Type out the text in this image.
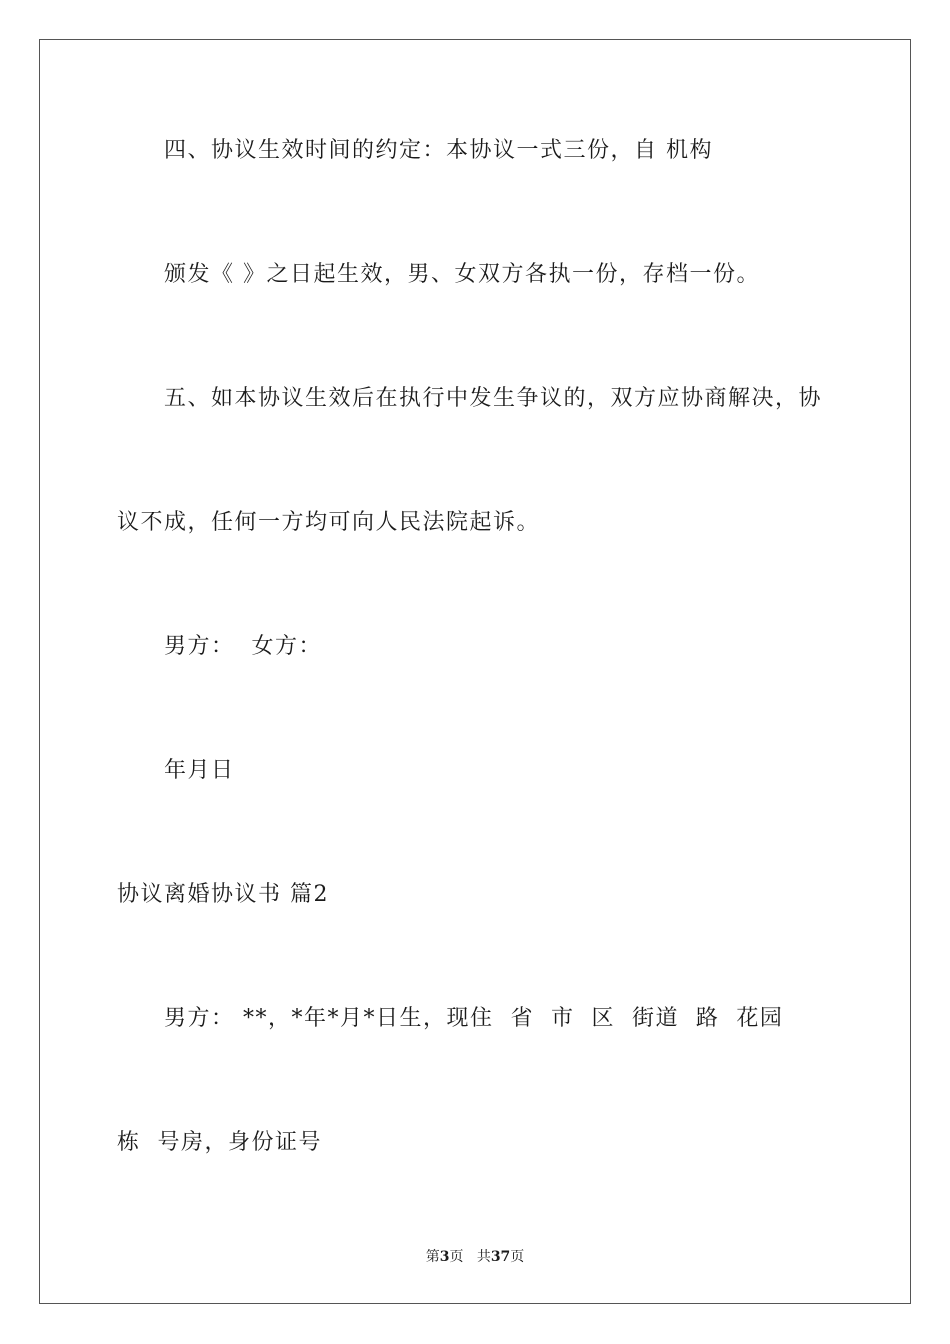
四、协议生效时间的约定：本协议一式三份，自 机构
颁发《 》之日起生效，男、女双方各执一份，存档一份。
五、如本协议生效后在执行中发生争议的，双方应协商解决，协
议不成，任何一方均可向人民法院起诉。
男方：  女方：
年月日
协议离婚协议书 篇2
男方： **，*年*月*日生，现住  省  市  区  街道  路  花园
栋  号房，身份证号
第3页 共37页
